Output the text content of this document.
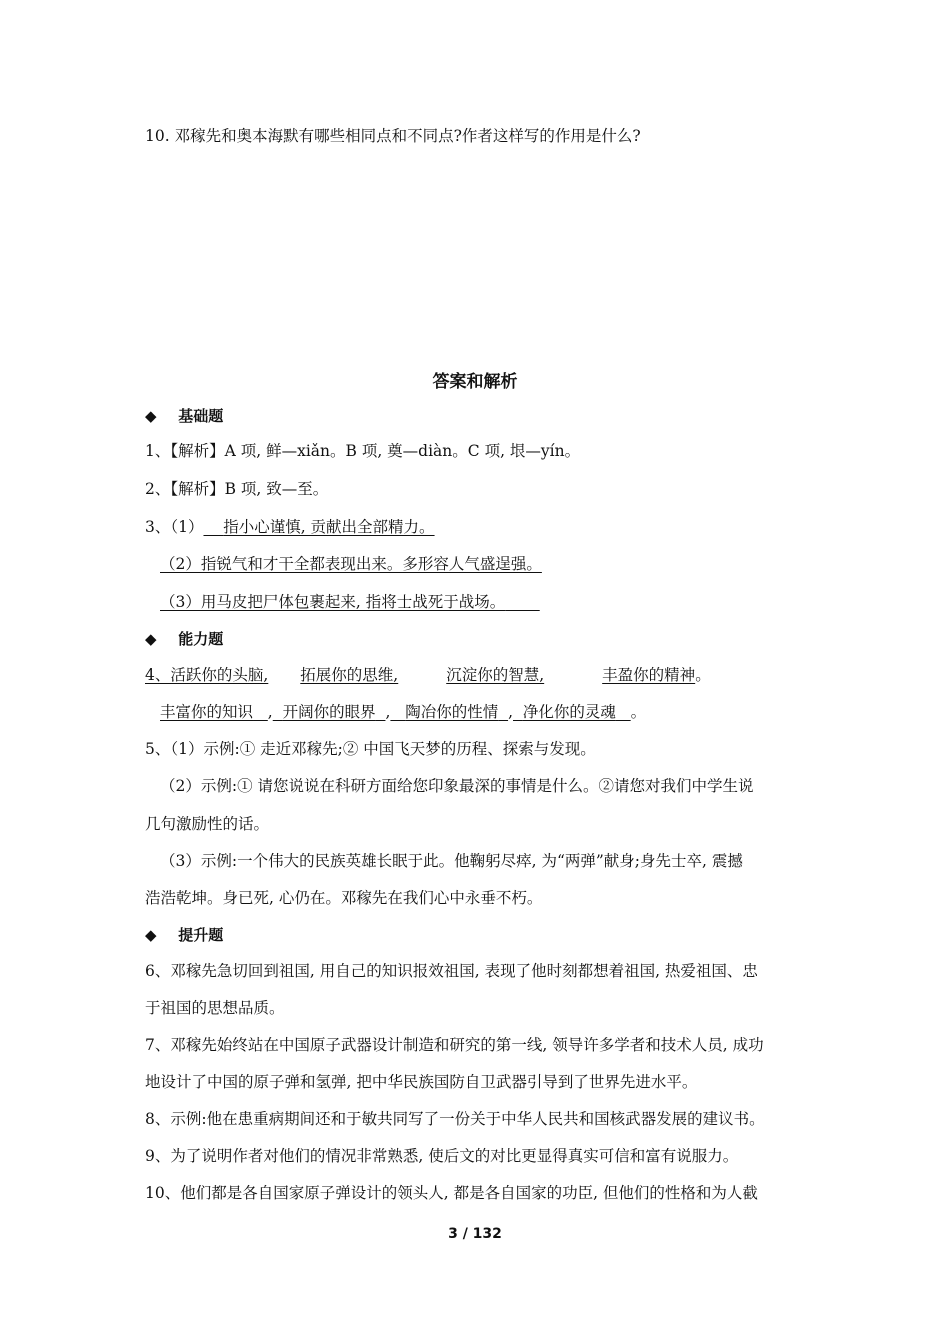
10. 邓稼先和奥本海默有哪些相同点和不同点?作者这样写的作用是什么?
答案和解析
◆ 基础题
1、【解析】A 项, 鲜—xiǎn。B 项, 奠—diàn。C 项, 垠—yín。
2、【解析】B 项, 致—至。
3、（1） 指小心谨慎, 贡献出全部精力。
（2）指锐气和才干全都表现出来。多形容人气盛逞强。
（3）用马皮把尸体包裹起来, 指将士战死于战场。
◆ 能力题
4、活跃你的头脑, 拓展你的思维,	沉淀你的智慧,	丰盈你的精神。
丰富你的知识 , 开阔你的眼界 , 陶冶你的性情 , 净化你的灵魂 。
5、（1）示例:① 走近邓稼先;② 中国飞天梦的历程、探索与发现。
（2）示例:① 请您说说在科研方面给您印象最深的事情是什么。②请您对我们中学生说
几句激励性的话。
（3）示例:一个伟大的民族英雄长眠于此。他鞠躬尽瘁, 为“两弹”献身;身先士卒, 震撼
浩浩乾坤。身已死, 心仍在。邓稼先在我们心中永垂不朽。
◆ 提升题
6、邓稼先急切回到祖国, 用自己的知识报效祖国, 表现了他时刻都想着祖国, 热爱祖国、忠
于祖国的思想品质。
7、邓稼先始终站在中国原子武器设计制造和研究的第一线, 领导许多学者和技术人员, 成功
地设计了中国的原子弹和氢弹, 把中华民族国防自卫武器引导到了世界先进水平。
8、示例:他在患重病期间还和于敏共同写了一份关于中华人民共和国核武器发展的建议书。
9、为了说明作者对他们的情况非常熟悉, 使后文的对比更显得真实可信和富有说服力。
10、他们都是各自国家原子弹设计的领头人, 都是各自国家的功臣, 但他们的性格和为人截
3 / 132
